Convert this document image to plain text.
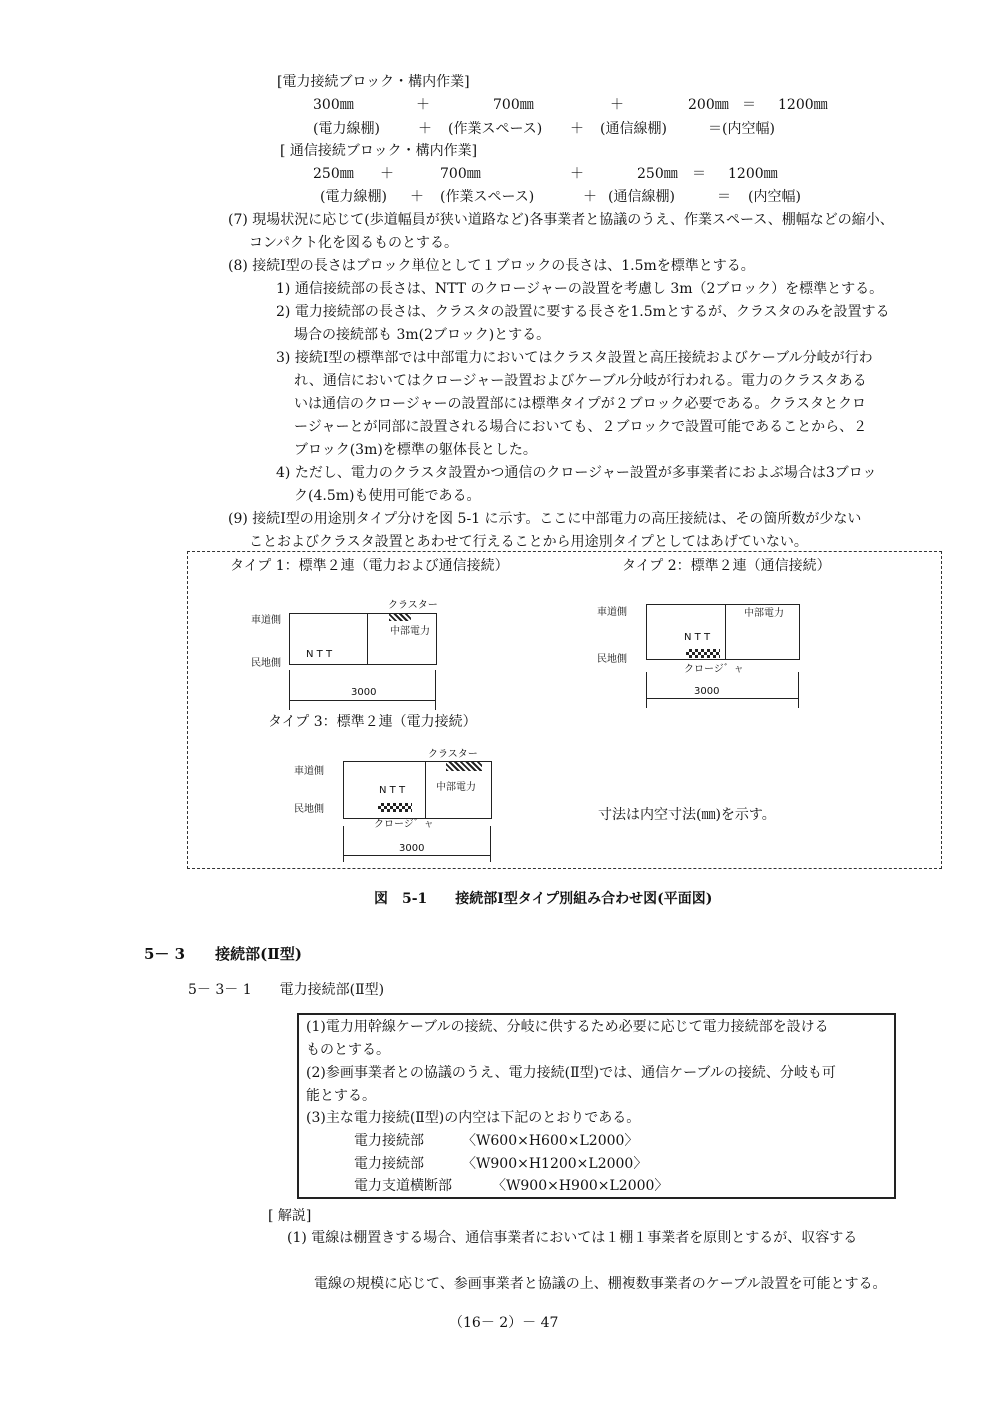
[電力接続ブロック・構内作業]
300㎜	＋	700㎜	＋	200㎜ ＝ 1200㎜
(電力線棚)	＋ (作業スペース) ＋ (通信線棚)	＝(内空幅)
[ 通信接続ブロック・構内作業]
250㎜ ＋	700㎜	＋	250㎜ ＝ 1200㎜
(電力線棚) ＋ (作業スペース)	＋ (通信線棚)	＝ (内空幅)
(7) 現場状況に応じて(歩道幅員が狭い道路など)各事業者と協議のうえ、作業スペース、棚幅などの縮小、
コンパクト化を図るものとする。
(8) 接続Ⅰ型の長さはブロック単位として１ブロックの長さは、1.5mを標準とする。
1) 通信接続部の長さは、NTT のクロージャーの設置を考慮し 3m（2ブロック）を標準とする。
2) 電力接続部の長さは、クラスタの設置に要する長さを1.5mとするが、クラスタのみを設置する
場合の接続部も 3m(2ブロック)とする。
3) 接続Ⅰ型の標準部では中部電力においてはクラスタ設置と高圧接続およびケーブル分岐が行わ
れ、通信においてはクロージャー設置およびケーブル分岐が行われる。電力のクラスタある
いは通信のクロージャーの設置部には標準タイプが２ブロック必要である。クラスタとクロ
ージャーとが同部に設置される場合においても、２ブロックで設置可能であることから、２
ブロック(3m)を標準の躯体長とした。
4) ただし、電力のクラスタ設置かつ通信のクロージャー設置が多事業者におよぶ場合は3ブロッ
ク(4.5m)も使用可能である。
(9) 接続Ⅰ型の用途別タイプ分けを図 5-1 に示す。ここに中部電力の高圧接続は、その箇所数が少ない
ことおよびクラスタ設置とあわせて行えることから用途別タイプとしてはあげていない。
タイプ 1：標準２連（電力および通信接続）
車道側
民地側
クラスター
中部電力
N T T
3000
タイプ 2：標準２連（通信接続）
車道側
民地側
中部電力
N T T
クロージ゛ャ
3000
タイプ 3：標準２連（電力接続）
車道側
民地側
クラスター
中部電力
N T T
クロージ゛ャ
3000
寸法は内空寸法(㎜)を示す。
図　5-1　　接続部Ⅰ型タイプ別組み合わせ図(平面図)
5－ 3　　接続部(Ⅱ型)
5－ 3－ 1　　電力接続部(Ⅱ型)
(1)電力用幹線ケーブルの接続、分岐に供するため必要に応じて電力接続部を設ける
ものとする。
(2)参画事業者との協議のうえ、電力接続(Ⅱ型)では、通信ケーブルの接続、分岐も可
能とする。
(3)主な電力接続(Ⅱ型)の内空は下記のとおりである。
電力接続部	〈W600×H600×L2000〉
電力接続部	〈W900×H1200×L2000〉
電力支道横断部	〈W900×H900×L2000〉
[ 解説]
(1) 電線は棚置きする場合、通信事業者においては１棚１事業者を原則とするが、収容する
電線の規模に応じて、参画事業者と協議の上、棚複数事業者のケーブル設置を可能とする。
（16－ 2）－ 47
